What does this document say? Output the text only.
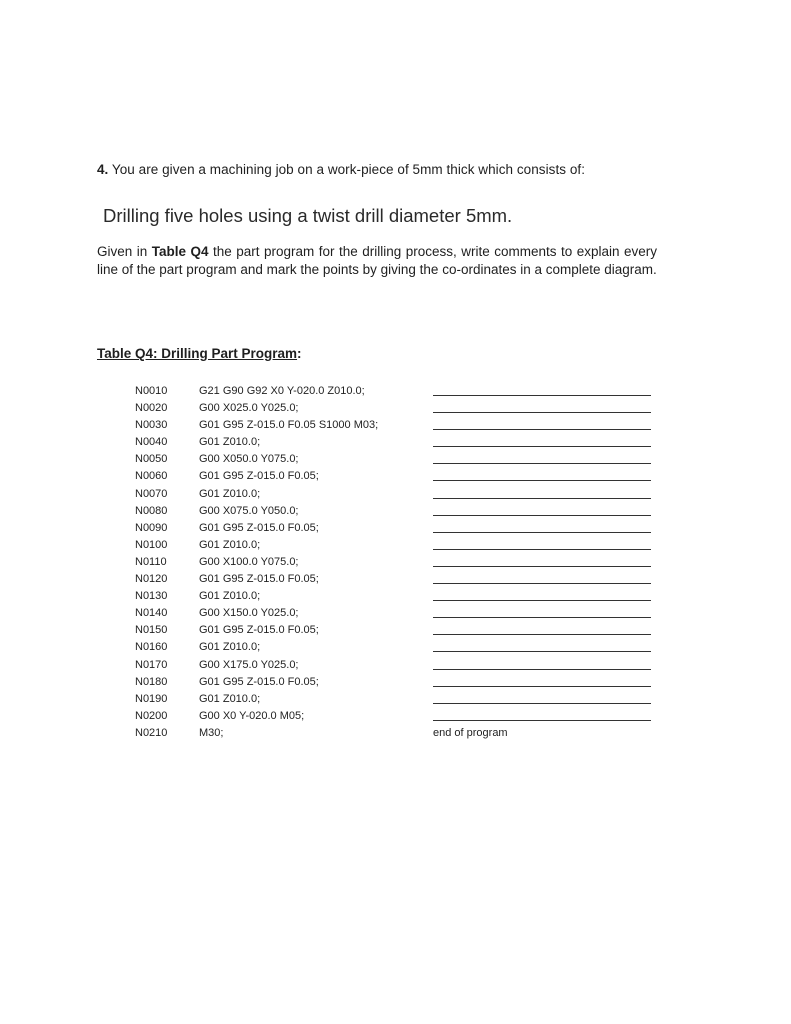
4. You are given a machining job on a work-piece of 5mm thick which consists of:
Drilling five holes using a twist drill diameter 5mm.
Given in Table Q4 the part program for the drilling process, write comments to explain every line of the part program and mark the points by giving the co-ordinates in a complete diagram.
Table Q4: Drilling Part Program:
N0010	G21 G90 G92 X0 Y-020.0 Z010.0;
N0020	G00 X025.0 Y025.0;
N0030	G01 G95 Z-015.0 F0.05 S1000 M03;
N0040	G01 Z010.0;
N0050	G00 X050.0 Y075.0;
N0060	G01 G95 Z-015.0 F0.05;
N0070	G01 Z010.0;
N0080	G00 X075.0 Y050.0;
N0090	G01 G95 Z-015.0 F0.05;
N0100	G01 Z010.0;
N0110	G00 X100.0 Y075.0;
N0120	G01 G95 Z-015.0 F0.05;
N0130	G01 Z010.0;
N0140	G00 X150.0 Y025.0;
N0150	G01 G95 Z-015.0 F0.05;
N0160	G01 Z010.0;
N0170	G00 X175.0 Y025.0;
N0180	G01 G95 Z-015.0 F0.05;
N0190	G01 Z010.0;
N0200	G00 X0 Y-020.0 M05;
N0210	M30;	end of program
